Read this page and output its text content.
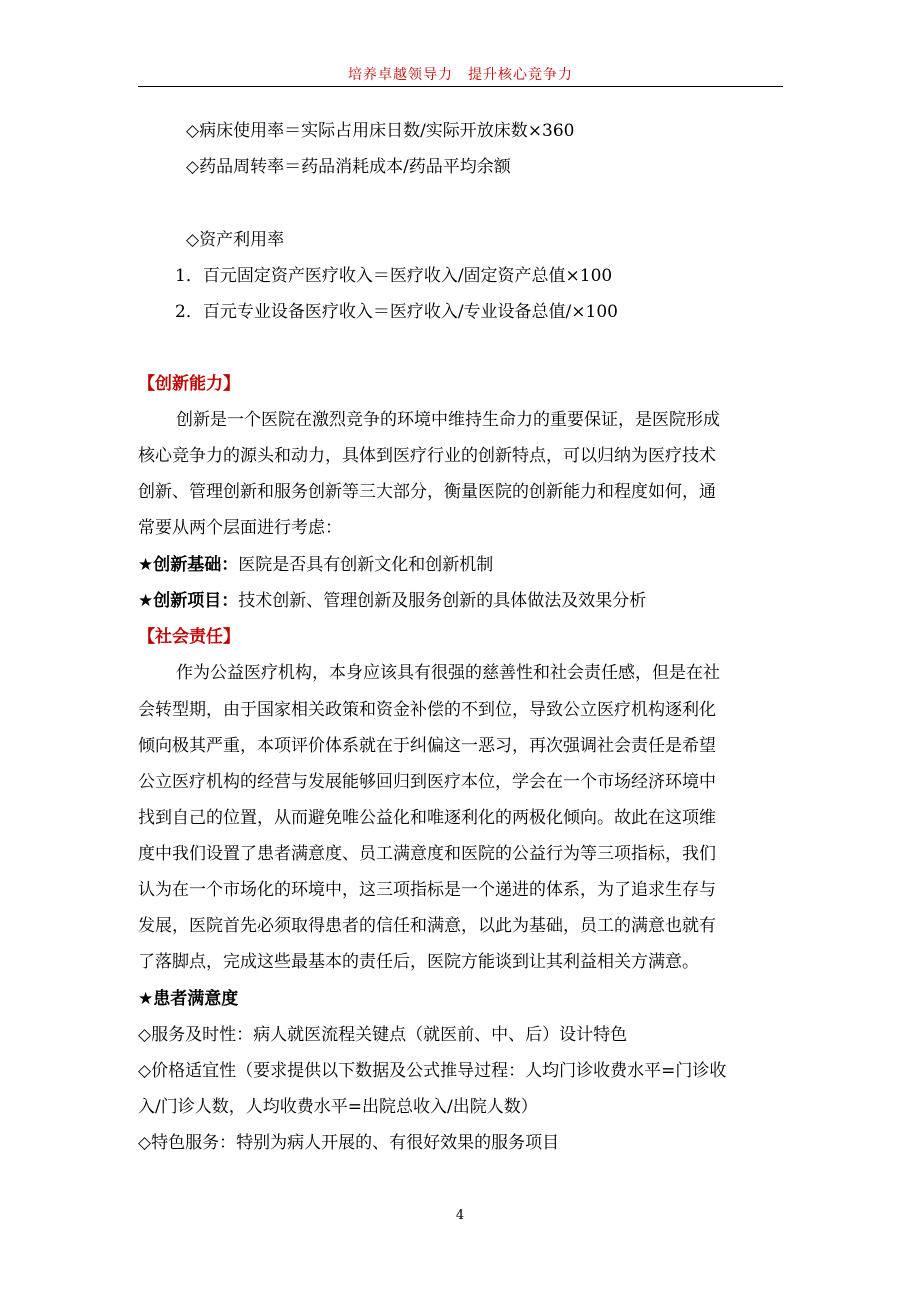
培养卓越领导力　提升核心竞争力
◇病床使用率＝实际占用床日数/实际开放床数×360
◇药品周转率＝药品消耗成本/药品平均余额
◇资产利用率
1．百元固定资产医疗收入＝医疗收入/固定资产总值×100
2．百元专业设备医疗收入＝医疗收入/专业设备总值/×100
【创新能力】
创新是一个医院在激烈竞争的环境中维持生命力的重要保证，是医院形成
核心竞争力的源头和动力，具体到医疗行业的创新特点，可以归纳为医疗技术
创新、管理创新和服务创新等三大部分，衡量医院的创新能力和程度如何，通
常要从两个层面进行考虑：
★创新基础：医院是否具有创新文化和创新机制
★创新项目：技术创新、管理创新及服务创新的具体做法及效果分析
【社会责任】
作为公益医疗机构，本身应该具有很强的慈善性和社会责任感，但是在社
会转型期，由于国家相关政策和资金补偿的不到位，导致公立医疗机构逐利化
倾向极其严重，本项评价体系就在于纠偏这一恶习，再次强调社会责任是希望
公立医疗机构的经营与发展能够回归到医疗本位，学会在一个市场经济环境中
找到自己的位置，从而避免唯公益化和唯逐利化的两极化倾向。故此在这项维
度中我们设置了患者满意度、员工满意度和医院的公益行为等三项指标，我们
认为在一个市场化的环境中，这三项指标是一个递进的体系，为了追求生存与
发展，医院首先必须取得患者的信任和满意，以此为基础，员工的满意也就有
了落脚点，完成这些最基本的责任后，医院方能谈到让其利益相关方满意。
★患者满意度
◇服务及时性：病人就医流程关键点（就医前、中、后）设计特色
◇价格适宜性（要求提供以下数据及公式推导过程：人均门诊收费水平=门诊收
入/门诊人数，人均收费水平=出院总收入/出院人数）
◇特色服务：特别为病人开展的、有很好效果的服务项目
4
